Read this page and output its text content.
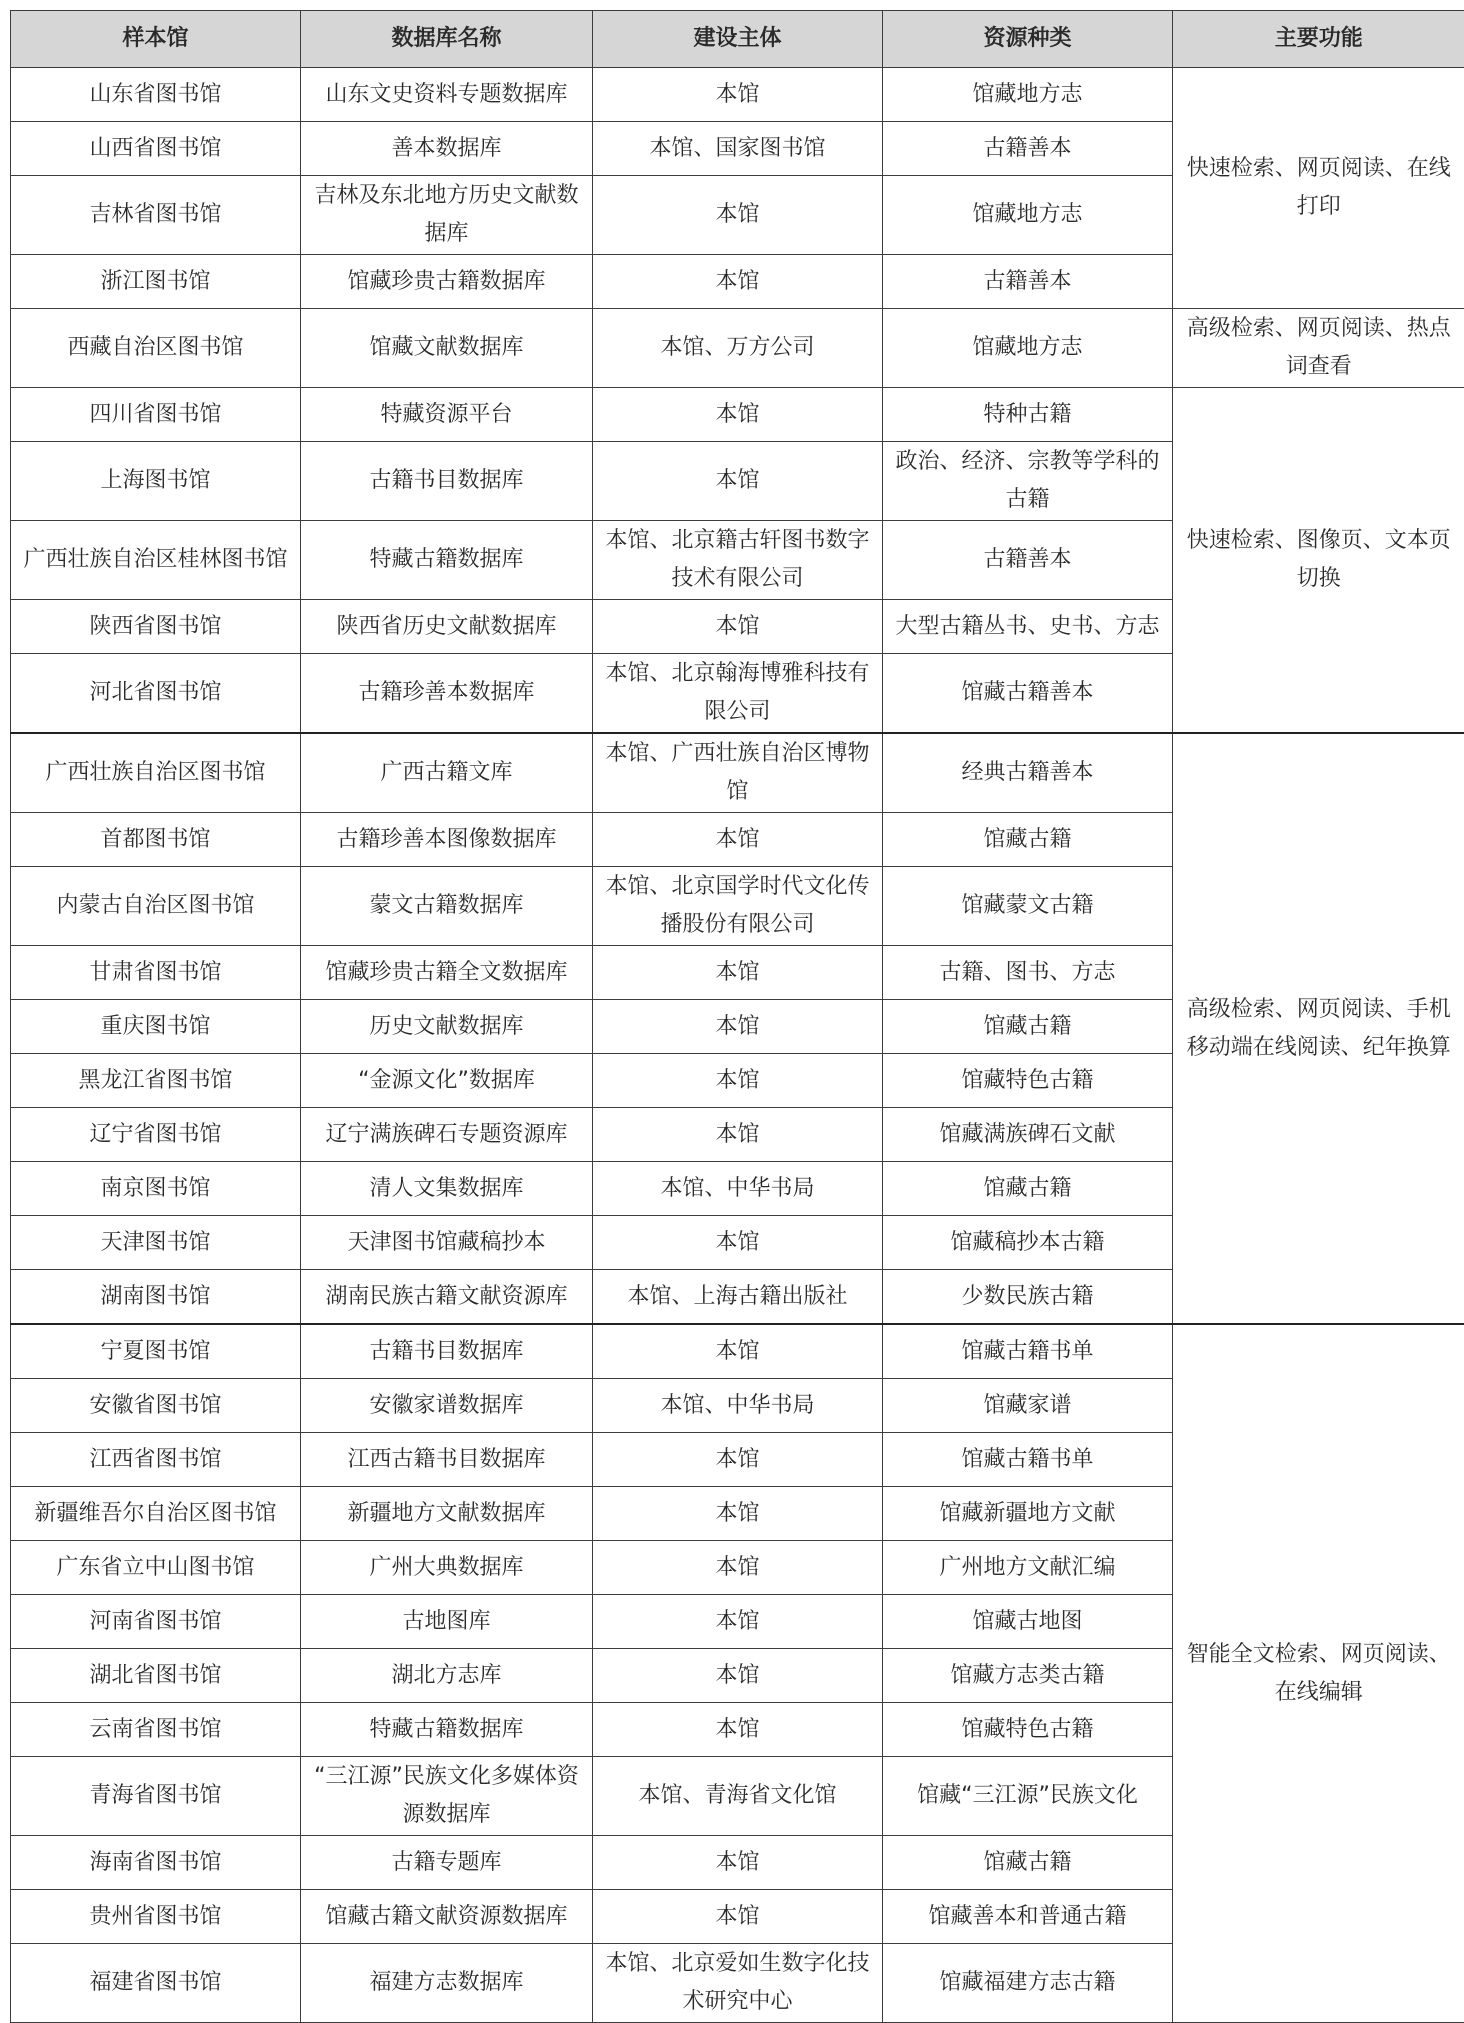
样本馆	数据库名称	建设主体	资源种类	主要功能
山东省图书馆	山东文史资料专题数据库	本馆	馆藏地方志	快速检索、网页阅读、在线打印
山西省图书馆	善本数据库	本馆、国家图书馆	古籍善本	
吉林省图书馆	吉林及东北地方历史文献数据库	本馆	馆藏地方志	
浙江图书馆	馆藏珍贵古籍数据库	本馆	古籍善本	
西藏自治区图书馆	馆藏文献数据库	本馆、万方公司	馆藏地方志	高级检索、网页阅读、热点词查看
四川省图书馆	特藏资源平台	本馆	特种古籍	快速检索、图像页、文本页切换
上海图书馆	古籍书目数据库	本馆	政治、经济、宗教等学科的古籍	
广西壮族自治区桂林图书馆	特藏古籍数据库	本馆、北京籍古轩图书数字技术有限公司	古籍善本	
陕西省图书馆	陕西省历史文献数据库	本馆	大型古籍丛书、史书、方志	
河北省图书馆	古籍珍善本数据库	本馆、北京翰海博雅科技有限公司	馆藏古籍善本	
广西壮族自治区图书馆	广西古籍文库	本馆、广西壮族自治区博物馆	经典古籍善本	高级检索、网页阅读、手机移动端在线阅读、纪年换算
首都图书馆	古籍珍善本图像数据库	本馆	馆藏古籍	
内蒙古自治区图书馆	蒙文古籍数据库	本馆、北京国学时代文化传播股份有限公司	馆藏蒙文古籍	
甘肃省图书馆	馆藏珍贵古籍全文数据库	本馆	古籍、图书、方志	
重庆图书馆	历史文献数据库	本馆	馆藏古籍	
黑龙江省图书馆	“金源文化”数据库	本馆	馆藏特色古籍	
辽宁省图书馆	辽宁满族碑石专题资源库	本馆	馆藏满族碑石文献	
南京图书馆	清人文集数据库	本馆、中华书局	馆藏古籍	
天津图书馆	天津图书馆藏稿抄本	本馆	馆藏稿抄本古籍	
湖南图书馆	湖南民族古籍文献资源库	本馆、上海古籍出版社	少数民族古籍	
宁夏图书馆	古籍书目数据库	本馆	馆藏古籍书单	智能全文检索、网页阅读、在线编辑
安徽省图书馆	安徽家谱数据库	本馆、中华书局	馆藏家谱	
江西省图书馆	江西古籍书目数据库	本馆	馆藏古籍书单	
新疆维吾尔自治区图书馆	新疆地方文献数据库	本馆	馆藏新疆地方文献	
广东省立中山图书馆	广州大典数据库	本馆	广州地方文献汇编	
河南省图书馆	古地图库	本馆	馆藏古地图	
湖北省图书馆	湖北方志库	本馆	馆藏方志类古籍	
云南省图书馆	特藏古籍数据库	本馆	馆藏特色古籍	
青海省图书馆	“三江源”民族文化多媒体资源数据库	本馆、青海省文化馆	馆藏“三江源”民族文化	
海南省图书馆	古籍专题库	本馆	馆藏古籍	
贵州省图书馆	馆藏古籍文献资源数据库	本馆	馆藏善本和普通古籍	
福建省图书馆	福建方志数据库	本馆、北京爱如生数字化技术研究中心	馆藏福建方志古籍	
